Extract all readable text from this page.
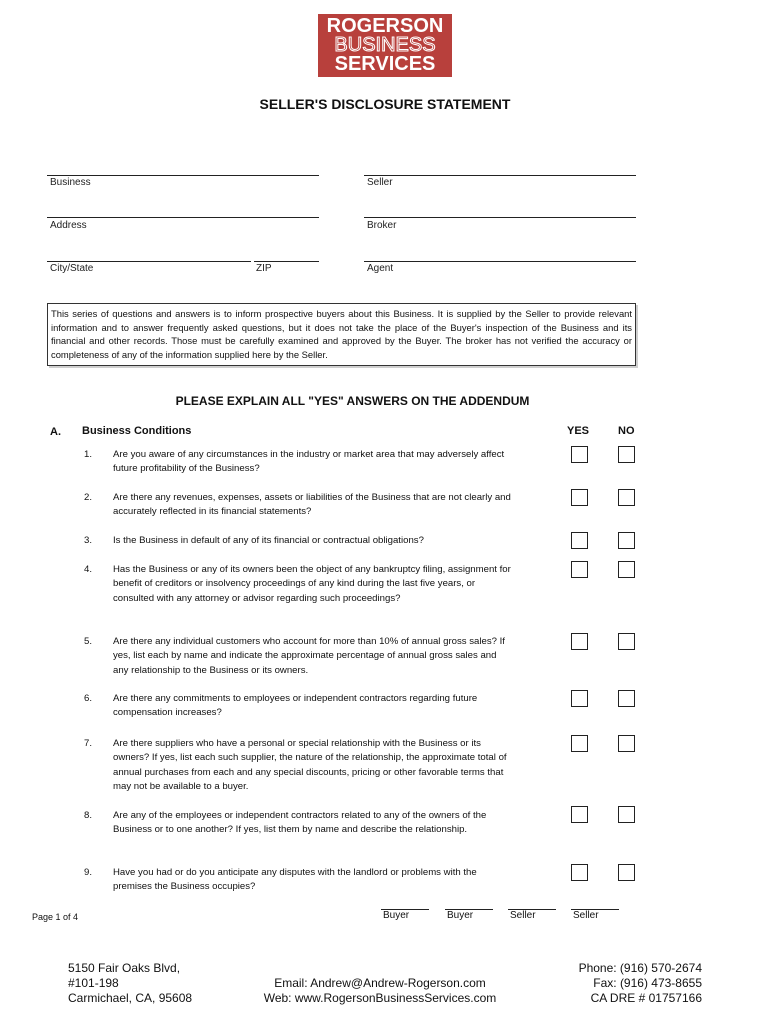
ROGERSON
BUSINESS
SERVICES
SELLER'S DISCLOSURE STATEMENT
Business	Seller
Address	Broker
City/State	ZIP	Agent
This series of questions and answers is to inform prospective buyers about this Business. It is supplied by the Seller to provide relevant information and to answer frequently asked questions, but it does not take the place of the Buyer's inspection of the Business and its financial and other records. Those must be carefully examined and approved by the Buyer. The broker has not verified the accuracy or completeness of any of the information supplied here by the Seller.
PLEASE EXPLAIN ALL "YES" ANSWERS ON THE ADDENDUM
A. Business Conditions	YES	NO
1. Are you aware of any circumstances in the industry or market area that may adversely affect future profitability of the Business?
2. Are there any revenues, expenses, assets or liabilities of the Business that are not clearly and accurately reflected in its financial statements?
3. Is the Business in default of any of its financial or contractual obligations?
4. Has the Business or any of its owners been the object of any bankruptcy filing, assignment for benefit of creditors or insolvency proceedings of any kind during the last five years, or consulted with any attorney or advisor regarding such proceedings?
5. Are there any individual customers who account for more than 10% of annual gross sales? If yes, list each by name and indicate the approximate percentage of annual gross sales and any relationship to the Business or its owners.
6. Are there any commitments to employees or independent contractors regarding future compensation increases?
7. Are there suppliers who have a personal or special relationship with the Business or its owners? If yes, list each such supplier, the nature of the relationship, the approximate total of annual purchases from each and any special discounts, pricing or other favorable terms that may not be available to a buyer.
8. Are any of the employees or independent contractors related to any of the owners of the Business or to one another? If yes, list them by name and describe the relationship.
9. Have you had or do you anticipate any disputes with the landlord or problems with the premises the Business occupies?
Page 1 of 4	Buyer	Buyer	Seller	Seller
5150 Fair Oaks Blvd,
#101-198
Carmichael, CA, 95608
Email: Andrew@Andrew-Rogerson.com
Web: www.RogersonBusinessServices.com
Phone: (916) 570-2674
Fax: (916) 473-8655
CA DRE # 01757166
